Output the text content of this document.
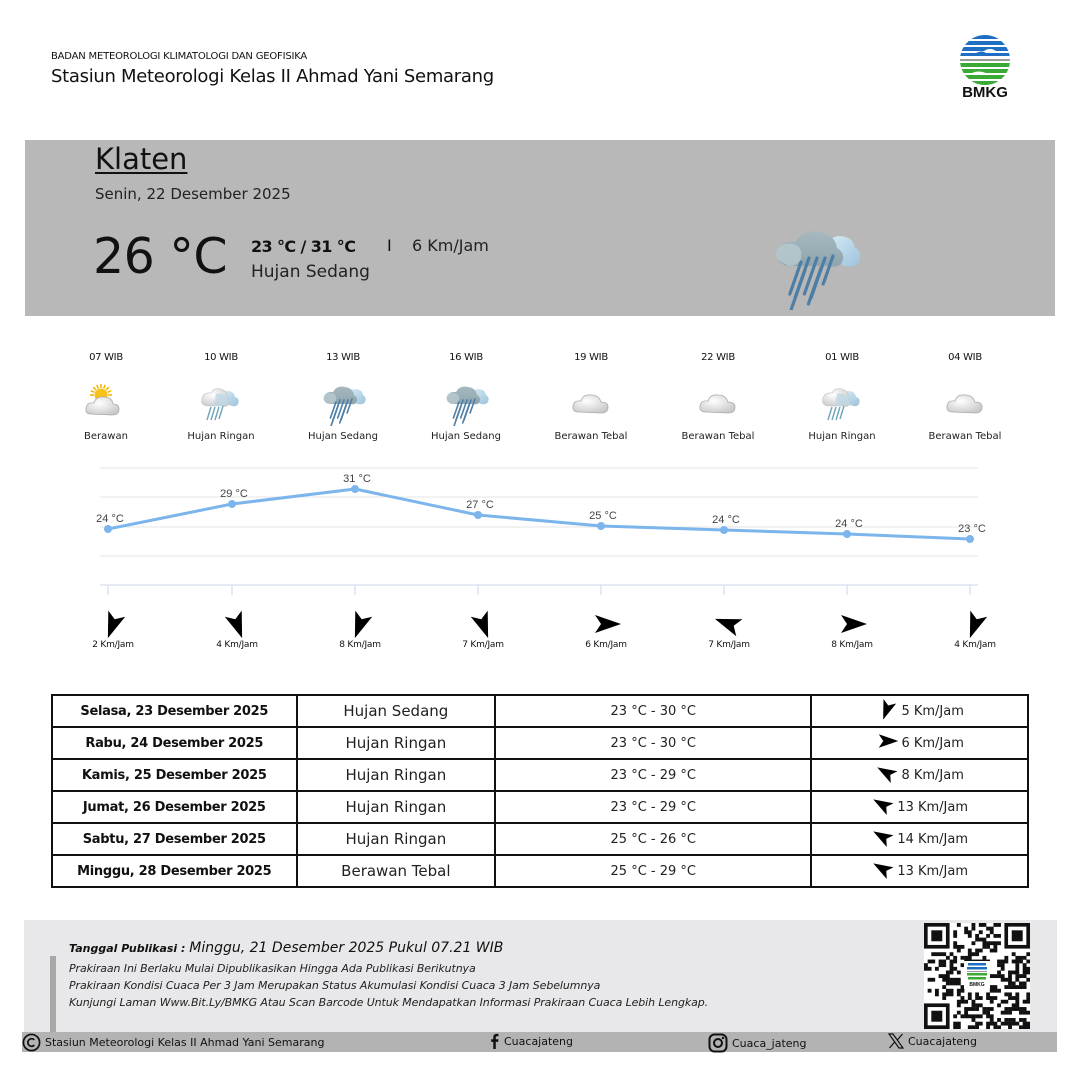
BADAN METEOROLOGI KLIMATOLOGI DAN GEOFISIKA
Stasiun Meteorologi Kelas II Ahmad Yani Semarang
BMKG
Klaten
Senin, 22 Desember 2025
26 °C 23 °C / 31 °C I 6 Km/Jam
Hujan Sedang
07 WIB
Berawan
10 WIB
Hujan Ringan
13 WIB
Hujan Sedang
16 WIB
Hujan Sedang
19 WIB
Berawan Tebal
22 WIB
Berawan Tebal
01 WIB
Hujan Ringan
04 WIB
Berawan Tebal
24 °C
29 °C
31 °C
27 °C
25 °C	24 °C	24 °C	23 °C
2 Km/Jam	4 Km/Jam	8 Km/Jam	7 Km/Jam	6 Km/Jam	7 Km/Jam	8 Km/Jam	4 Km/Jam
Selasa, 23 Desember 2025	Hujan Sedang	23 °C - 30 °C	5 Km/Jam

Rabu, 24 Desember 2025	Hujan Ringan	23 °C - 30 °C	6 Km/Jam

Kamis, 25 Desember 2025	Hujan Ringan	23 °C - 29 °C	8 Km/Jam

Jumat, 26 Desember 2025	Hujan Ringan	23 °C - 29 °C	13 Km/Jam

Sabtu, 27 Desember 2025	Hujan Ringan	25 °C - 26 °C	14 Km/Jam

Minggu, 28 Desember 2025	Berawan Tebal	25 °C - 29 °C	13 Km/Jam
Tanggal Publikasi : Minggu, 21 Desember 2025 Pukul 07.21 WIB
Prakiraan Ini Berlaku Mulai Dipublikasikan Hingga Ada Publikasi Berikutnya
Prakiraan Kondisi Cuaca Per 3 Jam Merupakan Status Akumulasi Kondisi Cuaca 3 Jam Sebelumnya
Kunjungi Laman Www.Bit.Ly/BMKG Atau Scan Barcode Untuk Mendapatkan Informasi Prakiraan Cuaca Lebih Lengkap.
BMKG
Stasiun Meteorologi Kelas II Ahmad Yani Semarang	Cuacajateng	Cuaca_jateng	Cuacajateng
